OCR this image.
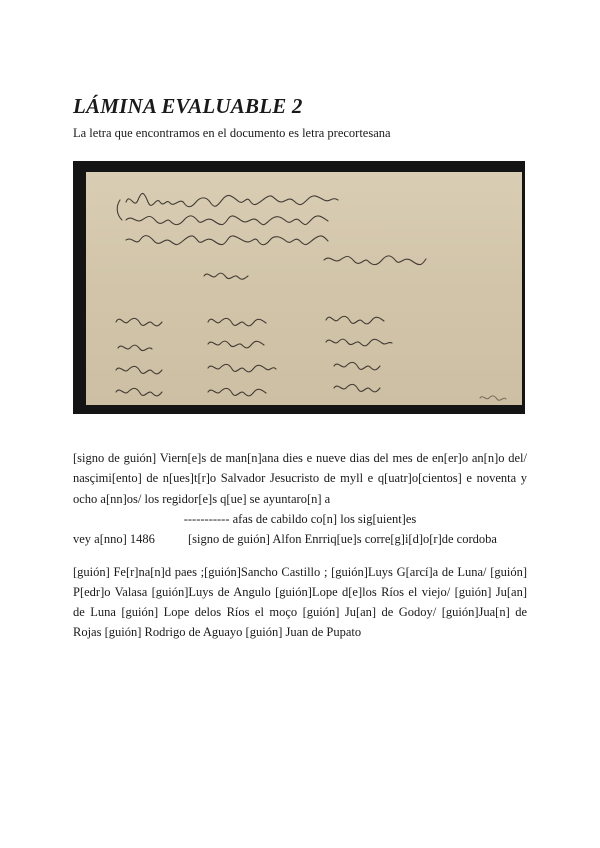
LÁMINA EVALUABLE 2

La letra que encontramos en el documento es letra precortesana

[signo de guión] Viern[e]s de man[n]ana dies e nueve dias del mes de en[er]o an[n]o del/ nasçimi[ento] de n[ues]t[r]o Salvador Jesucristo de myll e q[uatr]o[cientos] e noventa y ocho a[nn]os/ los regidor[e]s q[ue] se ayuntaro[n] a
----------- afas de cabildo co[n] los sig[uient]es

vey a[nno] 1486	[signo de guión] Alfon Enrriq[ue]s corre[g]i[d]o[r]de cordoba

[guión] Fe[r]na[n]d paes ;[guión]Sancho Castillo ; [guión]Luys G[arcí]a de Luna/ [guión] P[edr]o Valasa [guión]Luys de Angulo [guión]Lope d[e]los Ríos el viejo/ [guión] Ju[an] de Luna [guión] Lope delos Ríos el moço [guión] Ju[an] de Godoy/ [guión]Jua[n] de Rojas [guión] Rodrigo de Aguayo [guión] Juan de Pupato
